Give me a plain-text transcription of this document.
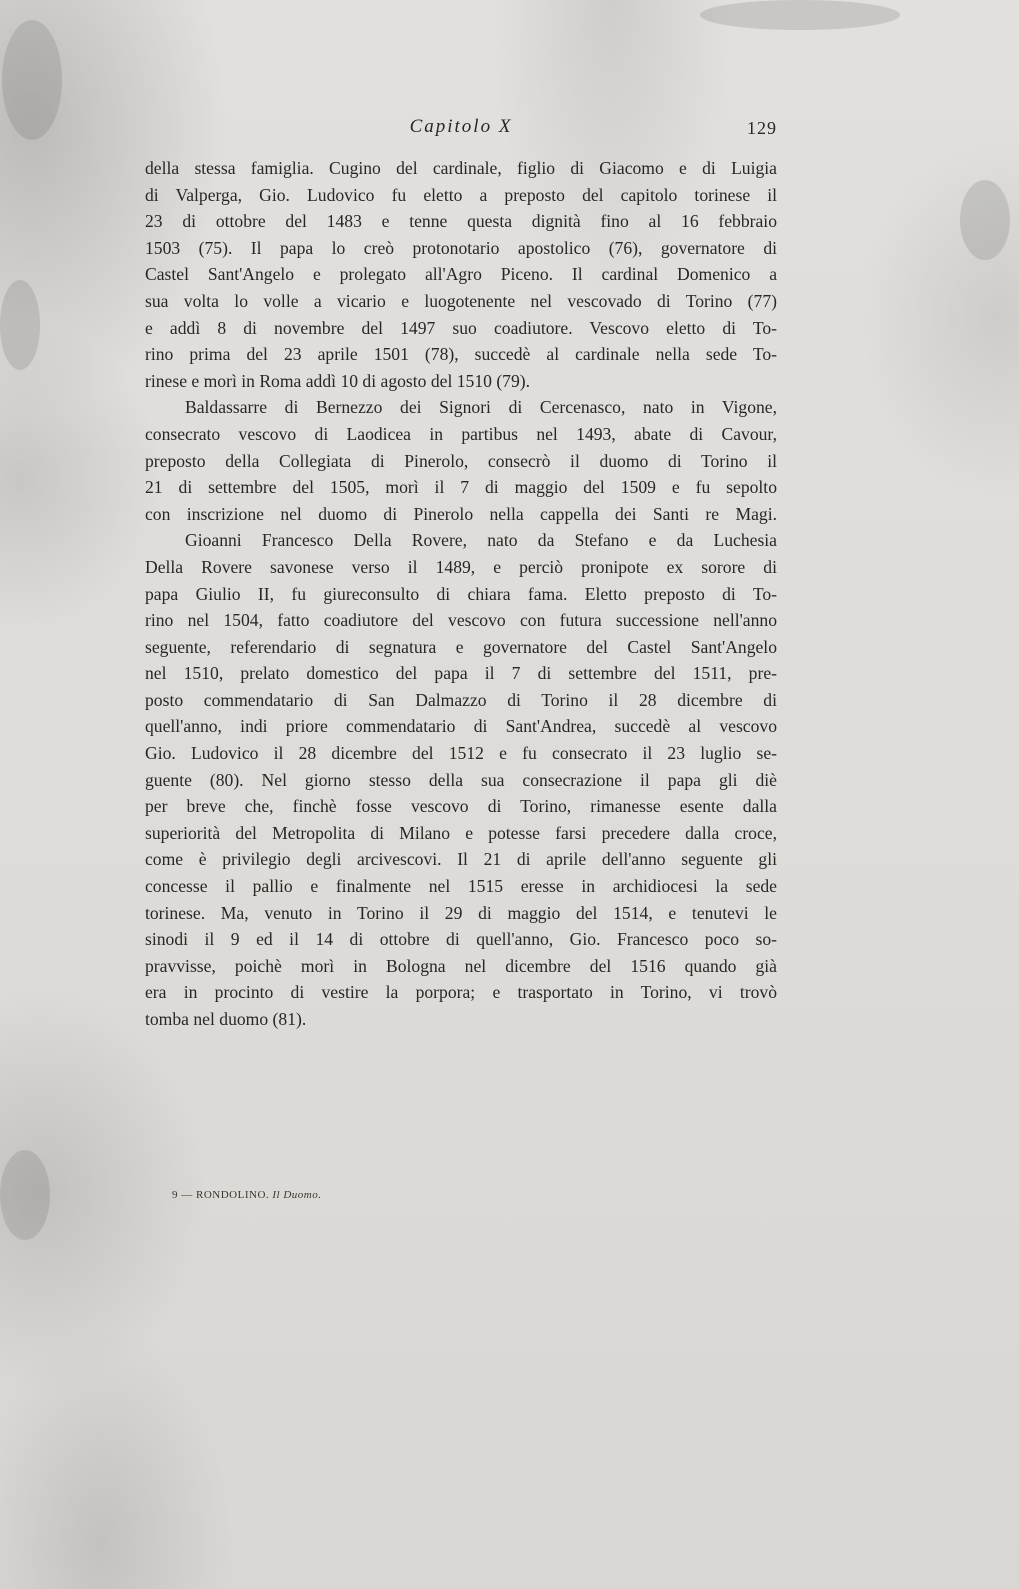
Capitolo X	129
della stessa famiglia. Cugino del cardinale, figlio di Giacomo e di Luigia
di Valperga, Gio. Ludovico fu eletto a preposto del capitolo torinese il
23 di ottobre del 1483 e tenne questa dignità fino al 16 febbraio
1503 (75). Il papa lo creò protonotario apostolico (76), governatore di
Castel Sant'Angelo e prolegato all'Agro Piceno. Il cardinal Domenico a
sua volta lo volle a vicario e luogotenente nel vescovado di Torino (77)
e addì 8 di novembre del 1497 suo coadiutore. Vescovo eletto di To-
rino prima del 23 aprile 1501 (78), succedè al cardinale nella sede To-
rinese e morì in Roma addì 10 di agosto del 1510 (79).
Baldassarre di Bernezzo dei Signori di Cercenasco, nato in Vigone,
consecrato vescovo di Laodicea in partibus nel 1493, abate di Cavour,
preposto della Collegiata di Pinerolo, consecrò il duomo di Torino il
21 di settembre del 1505, morì il 7 di maggio del 1509 e fu sepolto
con inscrizione nel duomo di Pinerolo nella cappella dei Santi re Magi.
Gioanni Francesco Della Rovere, nato da Stefano e da Luchesia
Della Rovere savonese verso il 1489, e perciò pronipote ex sorore di
papa Giulio II, fu giureconsulto di chiara fama. Eletto preposto di To-
rino nel 1504, fatto coadiutore del vescovo con futura successione nell'anno
seguente, referendario di segnatura e governatore del Castel Sant'Angelo
nel 1510, prelato domestico del papa il 7 di settembre del 1511, pre-
posto commendatario di San Dalmazzo di Torino il 28 dicembre di
quell'anno, indi priore commendatario di Sant'Andrea, succedè al vescovo
Gio. Ludovico il 28 dicembre del 1512 e fu consecrato il 23 luglio se-
guente (80). Nel giorno stesso della sua consecrazione il papa gli diè
per breve che, finchè fosse vescovo di Torino, rimanesse esente dalla
superiorità del Metropolita di Milano e potesse farsi precedere dalla croce,
come è privilegio degli arcivescovi. Il 21 di aprile dell'anno seguente gli
concesse il pallio e finalmente nel 1515 eresse in archidiocesi la sede
torinese. Ma, venuto in Torino il 29 di maggio del 1514, e tenutevi le
sinodi il 9 ed il 14 di ottobre di quell'anno, Gio. Francesco poco so-
pravvisse, poichè morì in Bologna nel dicembre del 1516 quando già
era in procinto di vestire la porpora; e trasportato in Torino, vi trovò
tomba nel duomo (81).
9 — RONDOLINO. Il Duomo.
